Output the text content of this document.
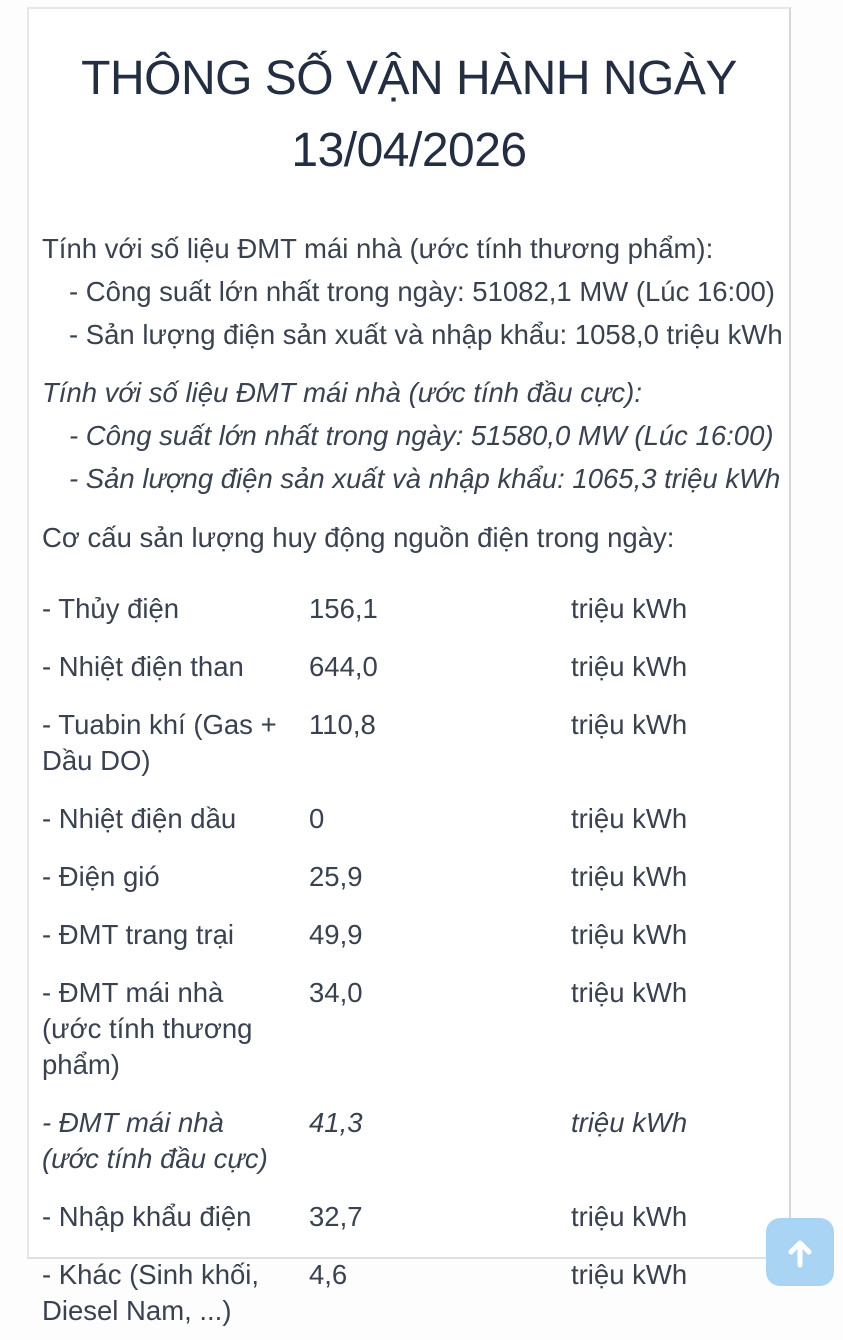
THÔNG SỐ VẬN HÀNH NGÀY
13/04/2026

Tính với số liệu ĐMT mái nhà (ước tính thương phẩm):

- Công suất lớn nhất trong ngày: 51082,1 MW (Lúc 16:00)

- Sản lượng điện sản xuất và nhập khẩu: 1058,0 triệu kWh

Tính với số liệu ĐMT mái nhà (ước tính đầu cực):

- Công suất lớn nhất trong ngày: 51580,0 MW (Lúc 16:00)

- Sản lượng điện sản xuất và nhập khẩu: 1065,3 triệu kWh

Cơ cấu sản lượng huy động nguồn điện trong ngày:
- Thủy điện	156,1	triệu kWh
- Nhiệt điện than	644,0	triệu kWh
- Tuabin khí (Gas + Dầu DO)
110,8	triệu kWh
- Nhiệt điện dầu	0	triệu kWh
- Điện gió	25,9	triệu kWh
- ĐMT trang trại	49,9	triệu kWh
- ĐMT mái nhà (ước tính thương phẩm)
34,0	triệu kWh
- ĐMT mái nhà (ước tính đầu cực)
41,3	triệu kWh
- Nhập khẩu điện	32,7	triệu kWh
- Khác (Sinh khối, Diesel Nam, ...)
4,6	triệu kWh
